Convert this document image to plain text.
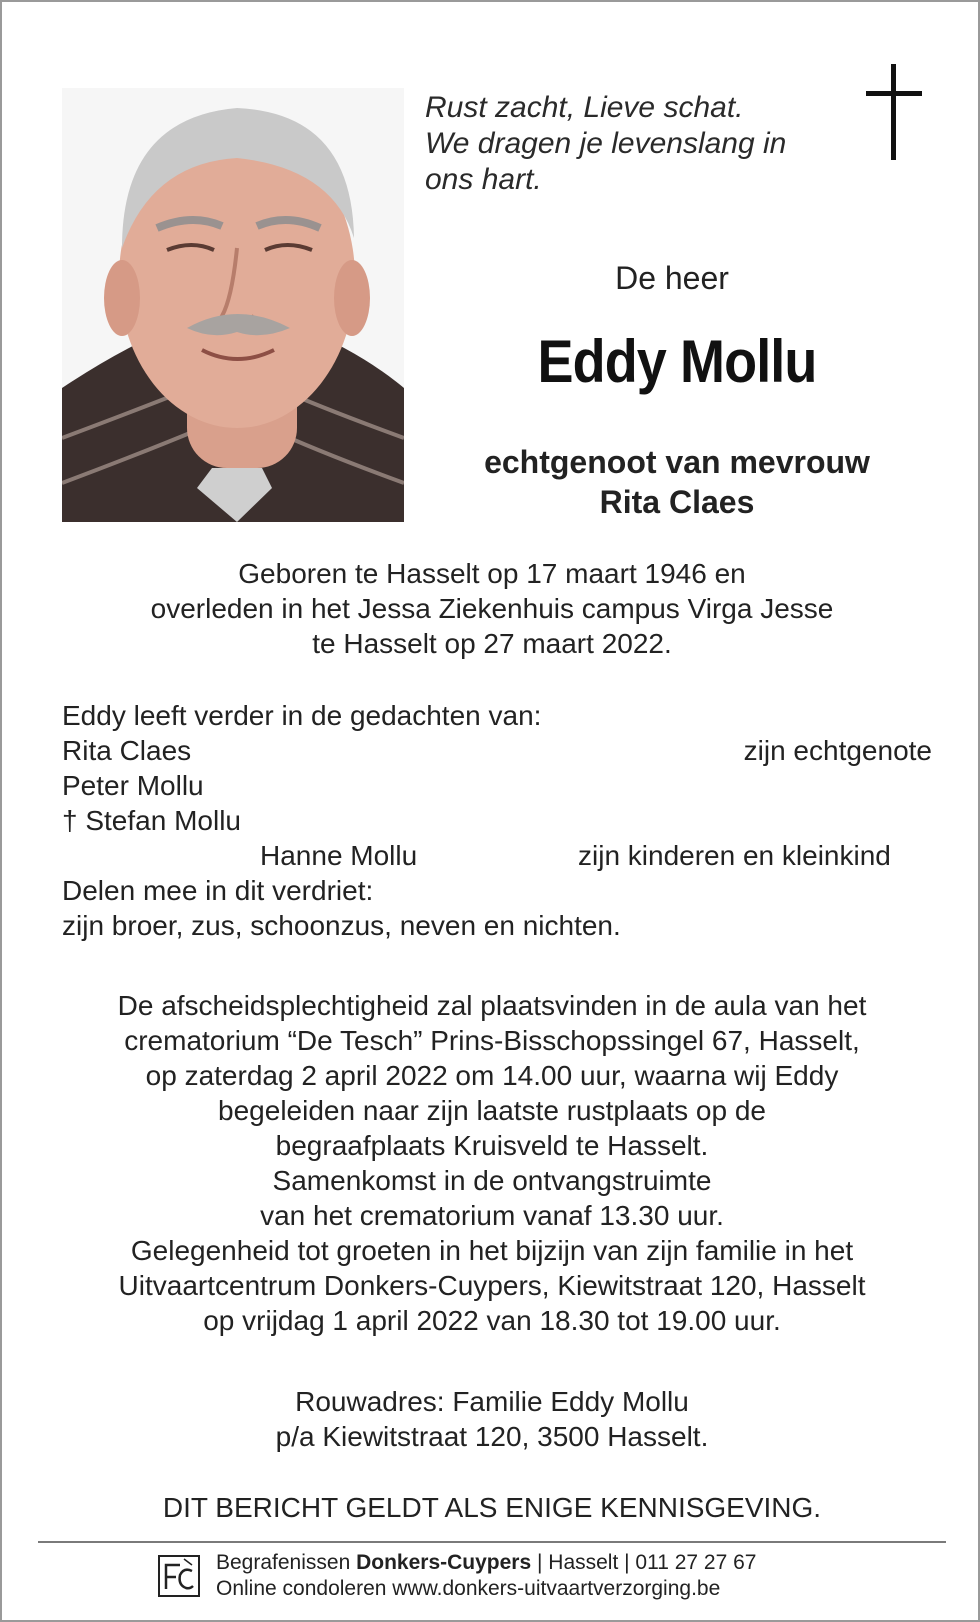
Rust zacht, Lieve schat.
We dragen je levenslang in
ons hart.
De heer
Eddy Mollu
echtgenoot van mevrouw
Rita Claes
Geboren te Hasselt op 17 maart 1946 en
overleden in het Jessa Ziekenhuis campus Virga Jesse
te Hasselt op 27 maart 2022.
Eddy leeft verder in de gedachten van:
Rita Claes	zijn echtgenote
Peter Mollu
† Stefan Mollu
Hanne Mollu	zijn kinderen en kleinkind
Delen mee in dit verdriet:
zijn broer, zus, schoonzus, neven en nichten.
De afscheidsplechtigheid zal plaatsvinden in de aula van het
crematorium “De Tesch” Prins-Bisschopssingel 67, Hasselt,
op zaterdag 2 april 2022 om 14.00 uur, waarna wij Eddy
begeleiden naar zijn laatste rustplaats op de
begraafplaats Kruisveld te Hasselt.
Samenkomst in de ontvangstruimte
van het crematorium vanaf 13.30 uur.
Gelegenheid tot groeten in het bijzijn van zijn familie in het
Uitvaartcentrum Donkers-Cuypers, Kiewitstraat 120, Hasselt
op vrijdag 1 april 2022 van 18.30 tot 19.00 uur.
Rouwadres: Familie Eddy Mollu
p/a Kiewitstraat 120, 3500 Hasselt.
DIT BERICHT GELDT ALS ENIGE KENNISGEVING.
Begrafenissen Donkers-Cuypers | Hasselt | 011 27 27 67
Online condoleren www.donkers-uitvaartverzorging.be
